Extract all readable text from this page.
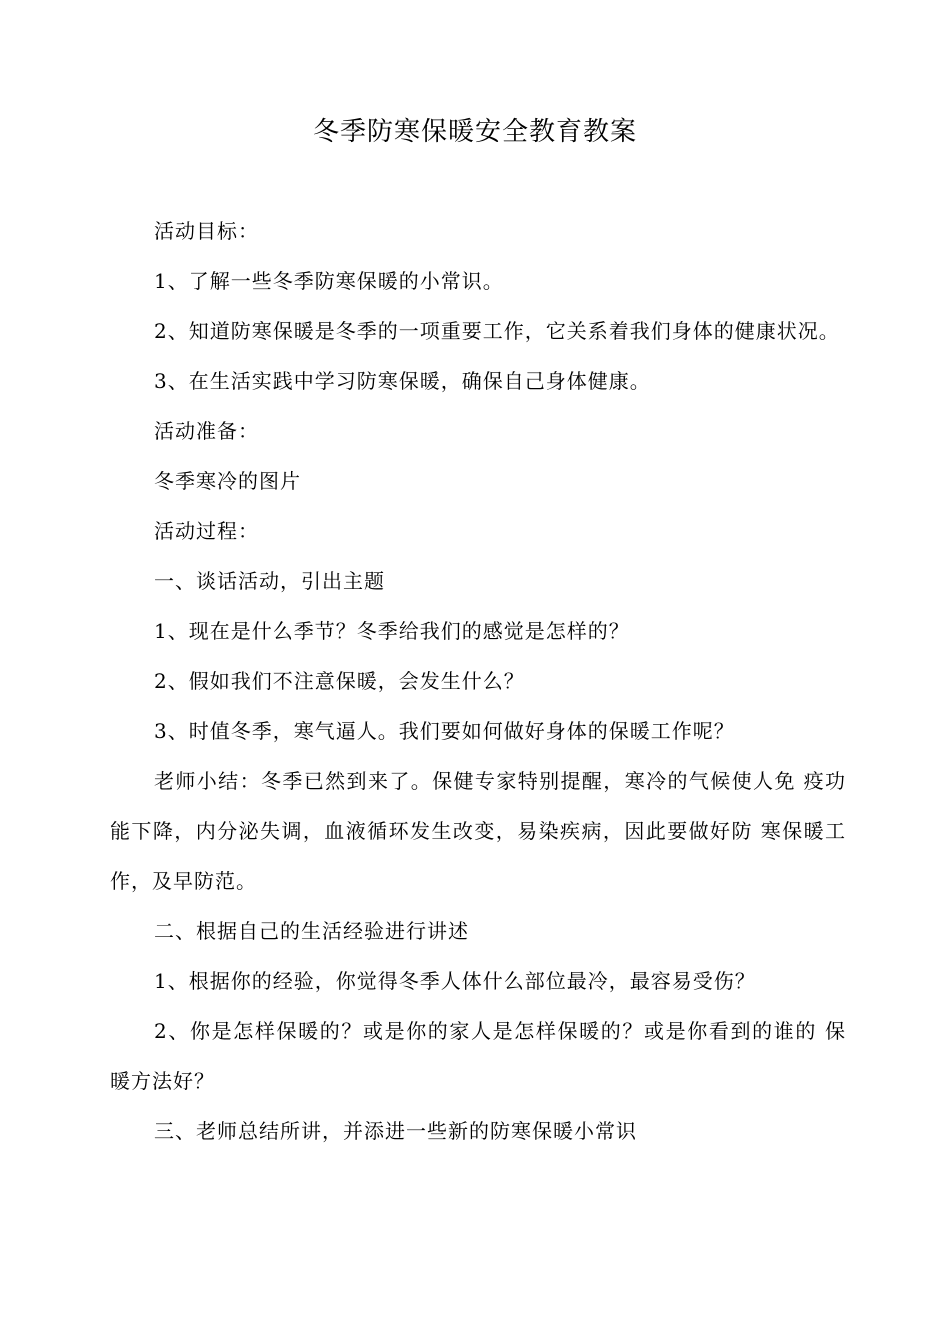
冬季防寒保暖安全教育教案

活动目标：

1、了解一些冬季防寒保暖的小常识。

2、知道防寒保暖是冬季的一项重要工作，它关系着我们身体的健康状况。

3、在生活实践中学习防寒保暖，确保自己身体健康。

活动准备：

冬季寒冷的图片

活动过程：

一、谈话活动，引出主题

1、现在是什么季节？冬季给我们的感觉是怎样的？

2、假如我们不注意保暖，会发生什么？

3、时值冬季，寒气逼人。我们要如何做好身体的保暖工作呢？

老师小结：冬季已然到来了。保健专家特别提醒，寒冷的气候使人免 疫功能下降，内分泌失调，血液循环发生改变，易染疾病，因此要做好防 寒保暖工作，及早防范。

二、根据自己的生活经验进行讲述

1、根据你的经验，你觉得冬季人体什么部位最冷，最容易受伤？

2、你是怎样保暖的？或是你的家人是怎样保暖的？或是你看到的谁的 保暖方法好？

三、老师总结所讲，并添进一些新的防寒保暖小常识
